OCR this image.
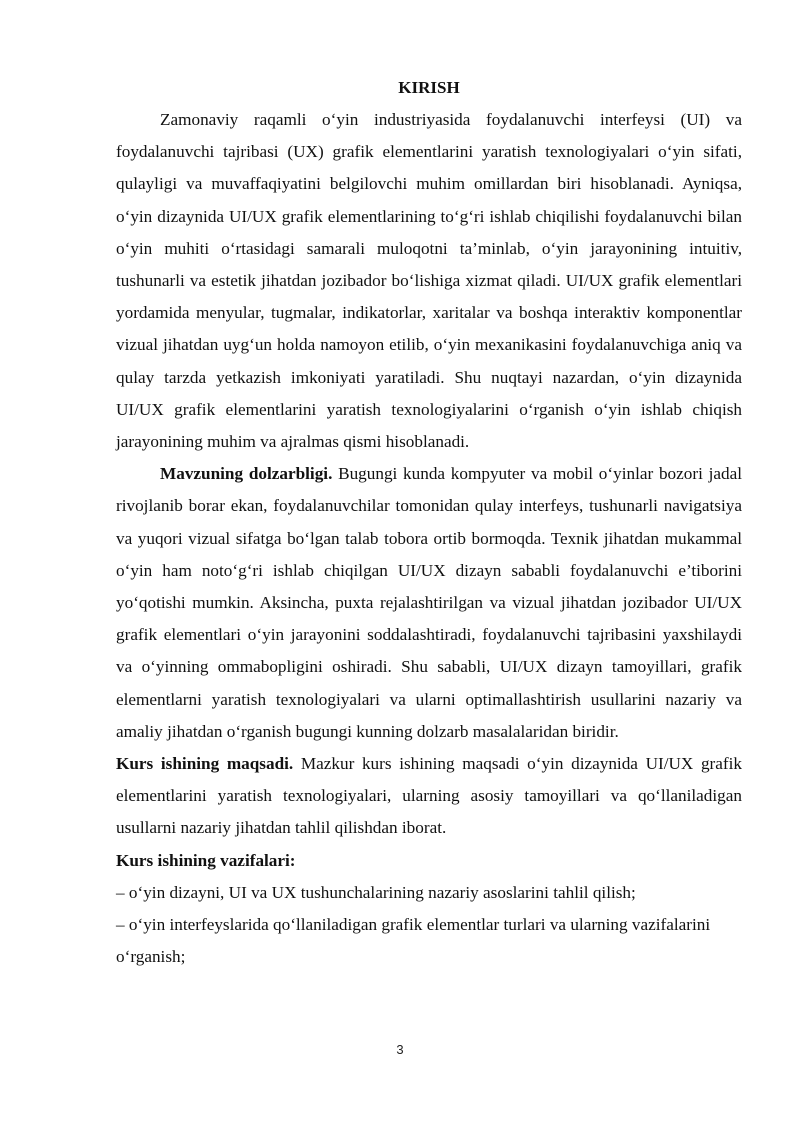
KIRISH

Zamonaviy raqamli o‘yin industriyasida foydalanuvchi interfeysi (UI) va foydalanuvchi tajribasi (UX) grafik elementlarini yaratish texnologiyalari o‘yin sifati, qulayligi va muvaffaqiyatini belgilovchi muhim omillardan biri hisoblanadi. Ayniqsa, o‘yin dizaynida UI/UX grafik elementlarining to‘g‘ri ishlab chiqilishi foydalanuvchi bilan o‘yin muhiti o‘rtasidagi samarali muloqotni ta’minlab, o‘yin jarayonining intuitiv, tushunarli va estetik jihatdan jozibador bo‘lishiga xizmat qiladi. UI/UX grafik elementlari yordamida menyular, tugmalar, indikatorlar, xaritalar va boshqa interaktiv komponentlar vizual jihatdan uyg‘un holda namoyon etilib, o‘yin mexanikasini foydalanuvchiga aniq va qulay tarzda yetkazish imkoniyati yaratiladi. Shu nuqtayi nazardan, o‘yin dizaynida UI/UX grafik elementlarini yaratish texnologiyalarini o‘rganish o‘yin ishlab chiqish jarayonining muhim va ajralmas qismi hisoblanadi.

Mavzuning dolzarbligi. Bugungi kunda kompyuter va mobil o‘yinlar bozori jadal rivojlanib borar ekan, foydalanuvchilar tomonidan qulay interfeys, tushunarli navigatsiya va yuqori vizual sifatga bo‘lgan talab tobora ortib bormoqda. Texnik jihatdan mukammal o‘yin ham noto‘g‘ri ishlab chiqilgan UI/UX dizayn sababli foydalanuvchi e’tiborini yo‘qotishi mumkin. Aksincha, puxta rejalashtirilgan va vizual jihatdan jozibador UI/UX grafik elementlari o‘yin jarayonini soddalashtiradi, foydalanuvchi tajribasini yaxshilaydi va o‘yinning ommabopligini oshiradi. Shu sababli, UI/UX dizayn tamoyillari, grafik elementlarni yaratish texnologiyalari va ularni optimallashtirish usullarini nazariy va amaliy jihatdan o‘rganish bugungi kunning dolzarb masalalaridan biridir.

Kurs ishining maqsadi. Mazkur kurs ishining maqsadi o‘yin dizaynida UI/UX grafik elementlarini yaratish texnologiyalari, ularning asosiy tamoyillari va qo‘llaniladigan usullarni nazariy jihatdan tahlil qilishdan iborat.

Kurs ishining vazifalari:

– o‘yin dizayni, UI va UX tushunchalarining nazariy asoslarini tahlil qilish;

– o‘yin interfeyslarida qo‘llaniladigan grafik elementlar turlari va ularning vazifalarini o‘rganish;

3
